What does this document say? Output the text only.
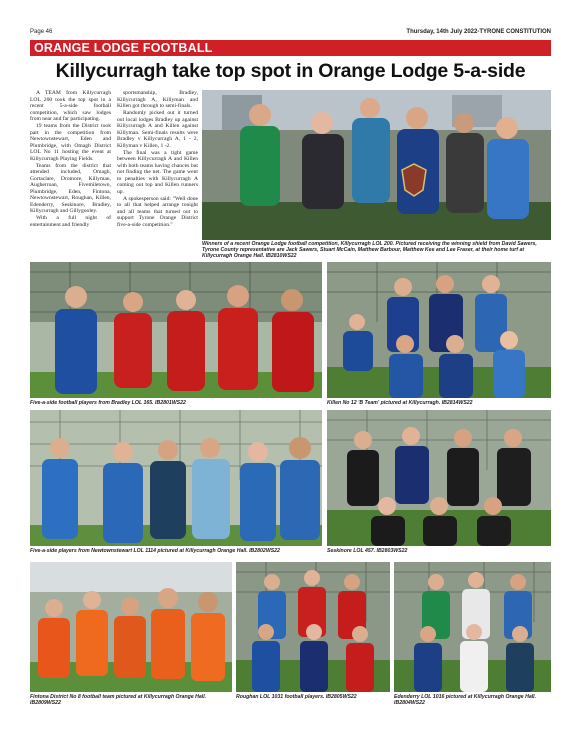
Page 46	Thursday, 14th July 2022-TYRONE CONSTITUTION
ORANGE LODGE FOOTBALL
Killycurragh take top spot in Orange Lodge 5-a-side

A TEAM from Killycurragh LOL 200 took the top spot in a recent 5-a-side football competition, which saw lodges from near and far participating.

19 teams from the District took part in the competition from Newtownstewart, Eden and Plumbridge, with Omagh District LOL No 11 hosting the event at Killycurragh Playing Fields.

Teams from the district that attended included, Omagh, Gortaclare, Dromore, Killyman, Augherroan, Fivemiletown, Plumbridge, Eden, Fintona, Newtownstewart, Roughan, Killen, Edenderry, Seskinore, Bradley, Killycurragh and Gillygooley.

With a full night of entertainment and friendly

sportsmanship, Bradley, Killycurragh A, Killyman and Killen got through to semi-finals.

Randomly picked out it turned out local lodges Bradley up against Killycurragh A and Killen against Killyman. Semi-finals results were Bradley v Killycurragh A, 1 - 2, Killyman v Killen, 1 -2.

The final was a tight game between Killycurragh A and Killen with both teams having chances but not finding the net. The game went to penalties with Killycurragh A coming out top and Killen runners up.

A spokesperson said: "Well done to all that helped arrange tonight and all teams that turned out to support Tyrone Orange District five-a-side competition."

Winners of a recent Orange Lodge football competition, Killycurragh LOL 200. Pictured receiving the winning shield from David Sawers, Tyrone County representative are Jack Sawers, Stuart McCain, Matthew Barbour, Matthew Kee and Lee Fraser, at their home turf at Killycurragh Orange Hall. IB2810WS22
Five-a-side football players from Bradley LOL 165. IB2801WS22	Killen No 12 'B Team' pictured at Killycurragh. IB2814WS22
Five-a-side players from Newtownstewart LOL 1114 pictured at Killycurragh Orange Hall. IB2802WS22	Seskinore LOL 457. IB2803WS22
Fintona District No 8 football team pictured at Killycurragh Orange Hall. IB2809WS22
Roughan LOL 1031 football players. IB2805WS22	Edenderry LOL 1016 pictured at Killycurragh Orange Hall. IB2804WS22
